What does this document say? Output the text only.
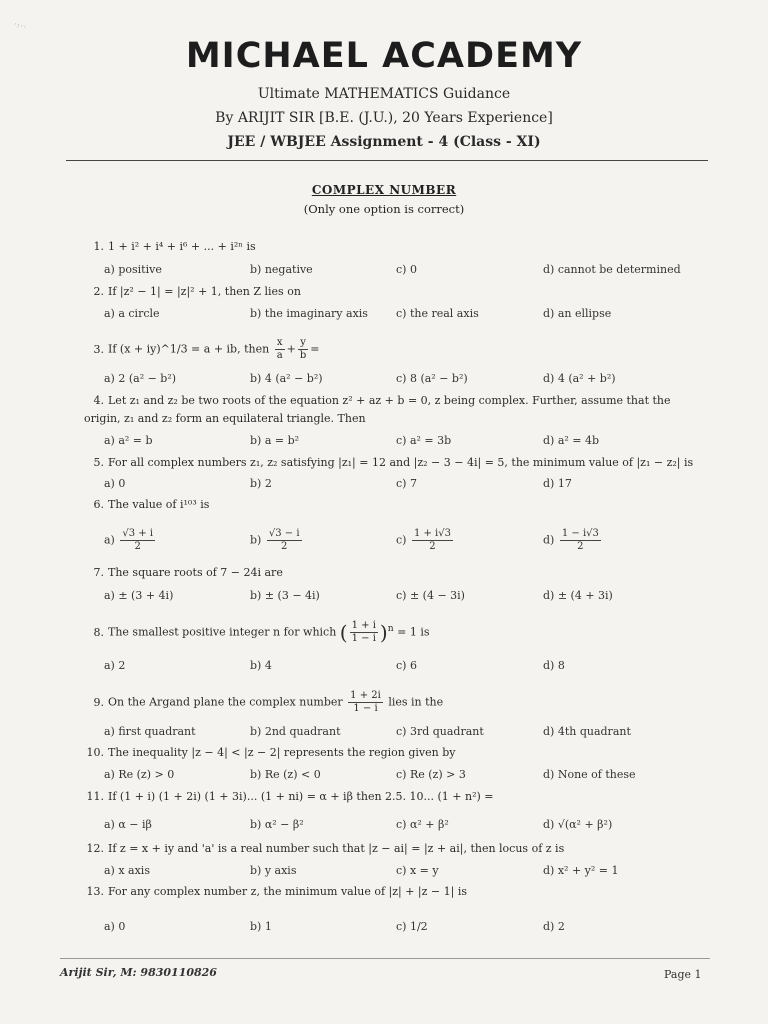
·:··
MICHAEL ACADEMY
Ultimate MATHEMATICS Guidance
By ARIJIT SIR [B.E. (J.U.), 20 Years Experience]
JEE / WBJEE Assignment - 4 (Class - XI)
COMPLEX NUMBER
(Only one option is correct)
1. 1 + i² + i⁴ + i⁶ + ... + i²ⁿ is
a) positive	b) negative	c) 0	d) cannot be determined
2. If |z² − 1| = |z|² + 1, then Z lies on
a) a circle	b) the imaginary axis	c) the real axis	d) an ellipse
3. If (x + iy)^1/3 = a + ib, then $\frac{x}{a} + \frac{y}{b}$ =
a) 2 (a² − b²)	b) 4 (a² − b²)	c) 8 (a² − b²)	d) 4 (a² + b²)
4. Let z₁ and z₂ be two roots of the equation z² + az + b = 0, z being complex. Further, assume that the origin, z₁ and z₂ form an equilateral triangle. Then
a) a² = b	b) a = b²	c) a² = 3b	d) a² = 4b
5. For all complex numbers z₁, z₂ satisfying |z₁| = 12 and |z₂ − 3 − 4i| = 5, the minimum value of |z₁ − z₂| is
a) 0	b) 2	c) 7	d) 17
6. The value of i¹⁰³ is
$a) \frac{√3 + i}{2}$	$b) \frac{√3 - i}{2}$	$c) \frac{1 + i√3}{2}$	$d) \frac{1 - i√3}{2}$
7. The square roots of 7 − 24i are
a) ± (3 + 4i)	b) ± (3 − 4i)	c) ± (4 − 3i)	d) ± (4 + 3i)
8. The smallest positive integer n for which ( $\frac{1 + i}{1 - i} )^n = 1$ is
a) 2	b) 4	c) 6	d) 8
9. On the Argand plane the complex number $\frac{1 + 2i}{1 - i}$ lies in the
a) first quadrant	b) 2nd quadrant	c) 3rd quadrant	d) 4th quadrant
10. The inequality |z − 4| < |z − 2| represents the region given by
a) Re (z) > 0	b) Re (z) < 0	c) Re (z) > 3	d) None of these
11. If (1 + i) (1 + 2i) (1 + 3i)... (1 + ni) = α + iβ then 2.5. 10... (1 + n²) =
a) α − iβ	b) α² − β²	c) α² + β²	d) √(α² + β²)
12. If z = x + iy and 'a' is a real number such that |z − ai| = |z + ai|, then locus of z is
a) x axis	b) y axis	c) x = y	d) x² + y² = 1
13. For any complex number z, the minimum value of |z| + |z − 1| is
a) 0	b) 1	c) 1/2	d) 2
Arijit Sir, M: 9830110826	Page 1
